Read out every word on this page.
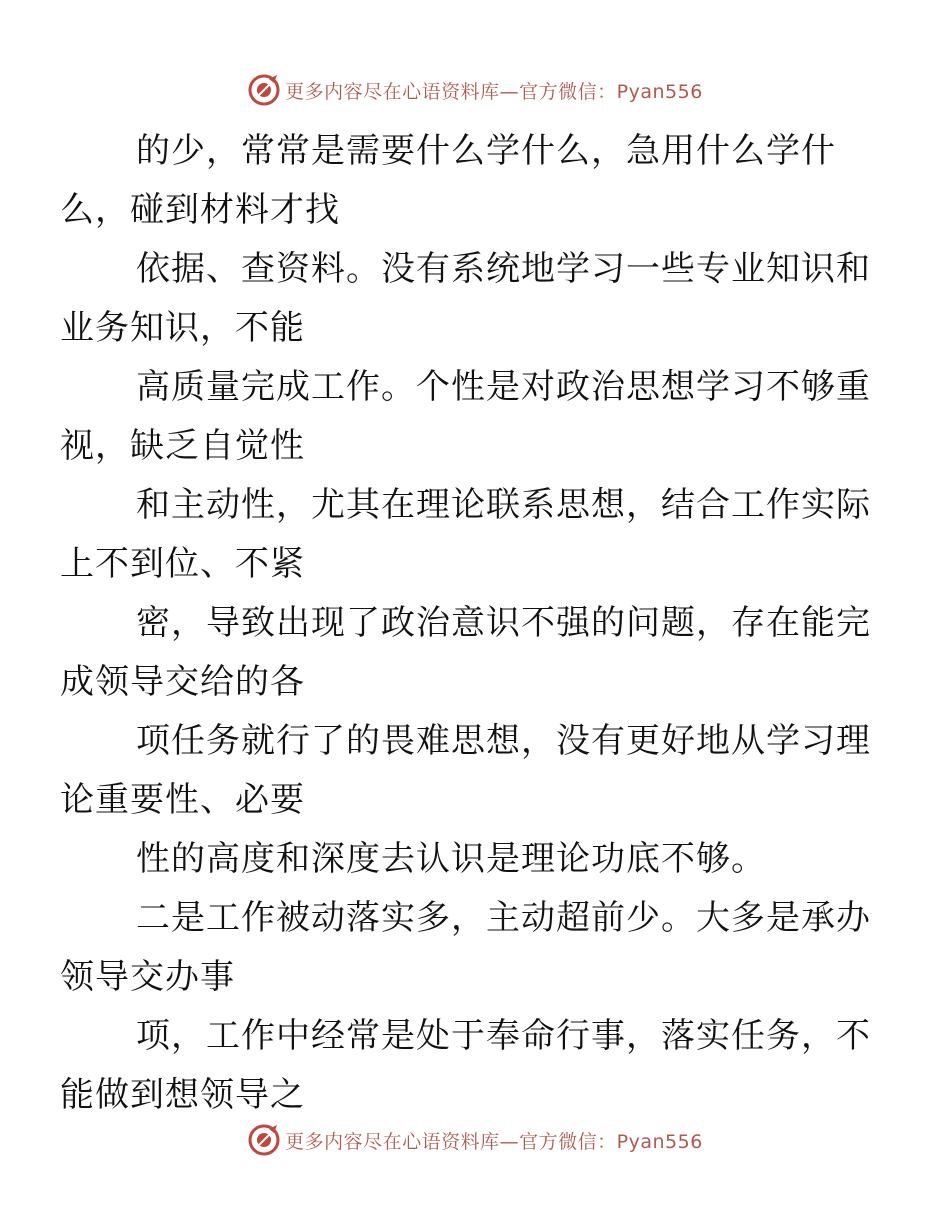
更多内容尽在心语资料库—官方微信：Pyan556

的少，常常是需要什么学什么，急用什么学什
么，碰到材料才找

依据、查资料。没有系统地学习一些专业知识和
业务知识，不能

高质量完成工作。个性是对政治思想学习不够重
视，缺乏自觉性

和主动性，尤其在理论联系思想，结合工作实际
上不到位、不紧

密，导致出现了政治意识不强的问题，存在能完
成领导交给的各

项任务就行了的畏难思想，没有更好地从学习理
论重要性、必要

性的高度和深度去认识是理论功底不够。

二是工作被动落实多，主动超前少。大多是承办
领导交办事

项，工作中经常是处于奉命行事，落实任务，不
能做到想领导之

更多内容尽在心语资料库—官方微信：Pyan556
